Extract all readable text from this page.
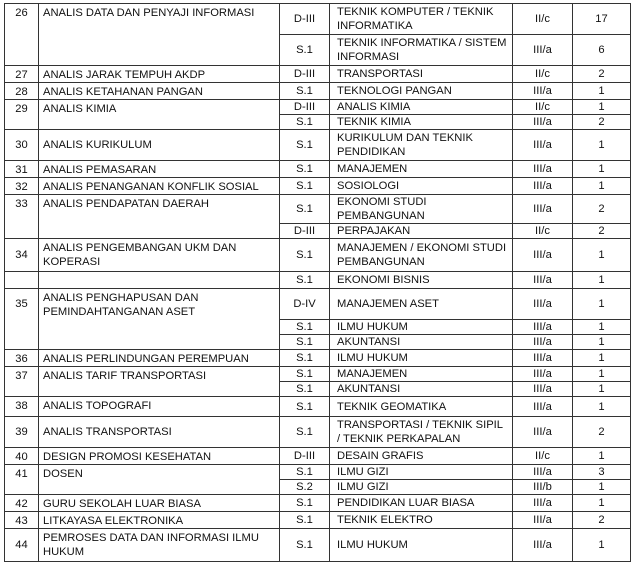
26	ANALIS DATA DAN PENYAJI INFORMASI	D-III	TEKNIK KOMPUTER / TEKNIK INFORMATIKA	II/c	17
		S.1	TEKNIK INFORMATIKA / SISTEM INFORMASI	III/a	6
27	ANALIS JARAK TEMPUH AKDP	D-III	TRANSPORTASI	II/c	2
28	ANALIS KETAHANAN PANGAN	S.1	TEKNOLOGI PANGAN	III/a	1
29	ANALIS KIMIA	D-III	ANALIS KIMIA	II/c	1
		S.1	TEKNIK KIMIA	III/a	2
30	ANALIS KURIKULUM	S.1	KURIKULUM DAN TEKNIK PENDIDIKAN	III/a	1
31	ANALIS PEMASARAN	S.1	MANAJEMEN	III/a	1
32	ANALIS PENANGANAN KONFLIK SOSIAL	S.1	SOSIOLOGI	III/a	1
33	ANALIS PENDAPATAN DAERAH	S.1	EKONOMI STUDI PEMBANGUNAN	III/a	2
		D-III	PERPAJAKAN	II/c	2
34	ANALIS PENGEMBANGAN UKM DAN KOPERASI	S.1	MANAJEMEN / EKONOMI STUDI PEMBANGUNAN	III/a	1
		S.1	EKONOMI BISNIS	III/a	1
35	ANALIS PENGHAPUSAN DAN PEMINDAHTANGANAN ASET	D-IV	MANAJEMEN ASET	III/a	1
		S.1	ILMU HUKUM	III/a	1
		S.1	AKUNTANSI	III/a	1
36	ANALIS PERLINDUNGAN PEREMPUAN	S.1	ILMU HUKUM	III/a	1
37	ANALIS TARIF TRANSPORTASI	S.1	MANAJEMEN	III/a	1
		S.1	AKUNTANSI	III/a	1
38	ANALIS TOPOGRAFI	S.1	TEKNIK GEOMATIKA	III/a	1
39	ANALIS TRANSPORTASI	S.1	TRANSPORTASI / TEKNIK SIPIL / TEKNIK PERKAPALAN	III/a	2
40	DESIGN PROMOSI KESEHATAN	D-III	DESAIN GRAFIS	II/c	1
41	DOSEN	S.1	ILMU GIZI	III/a	3
		S.2	ILMU GIZI	III/b	1
42	GURU SEKOLAH LUAR BIASA	S.1	PENDIDIKAN LUAR BIASA	III/a	1
43	LITKAYASA ELEKTRONIKA	S.1	TEKNIK ELEKTRO	III/a	2
44	PEMROSES DATA DAN INFORMASI ILMU HUKUM	S.1	ILMU HUKUM	III/a	1
